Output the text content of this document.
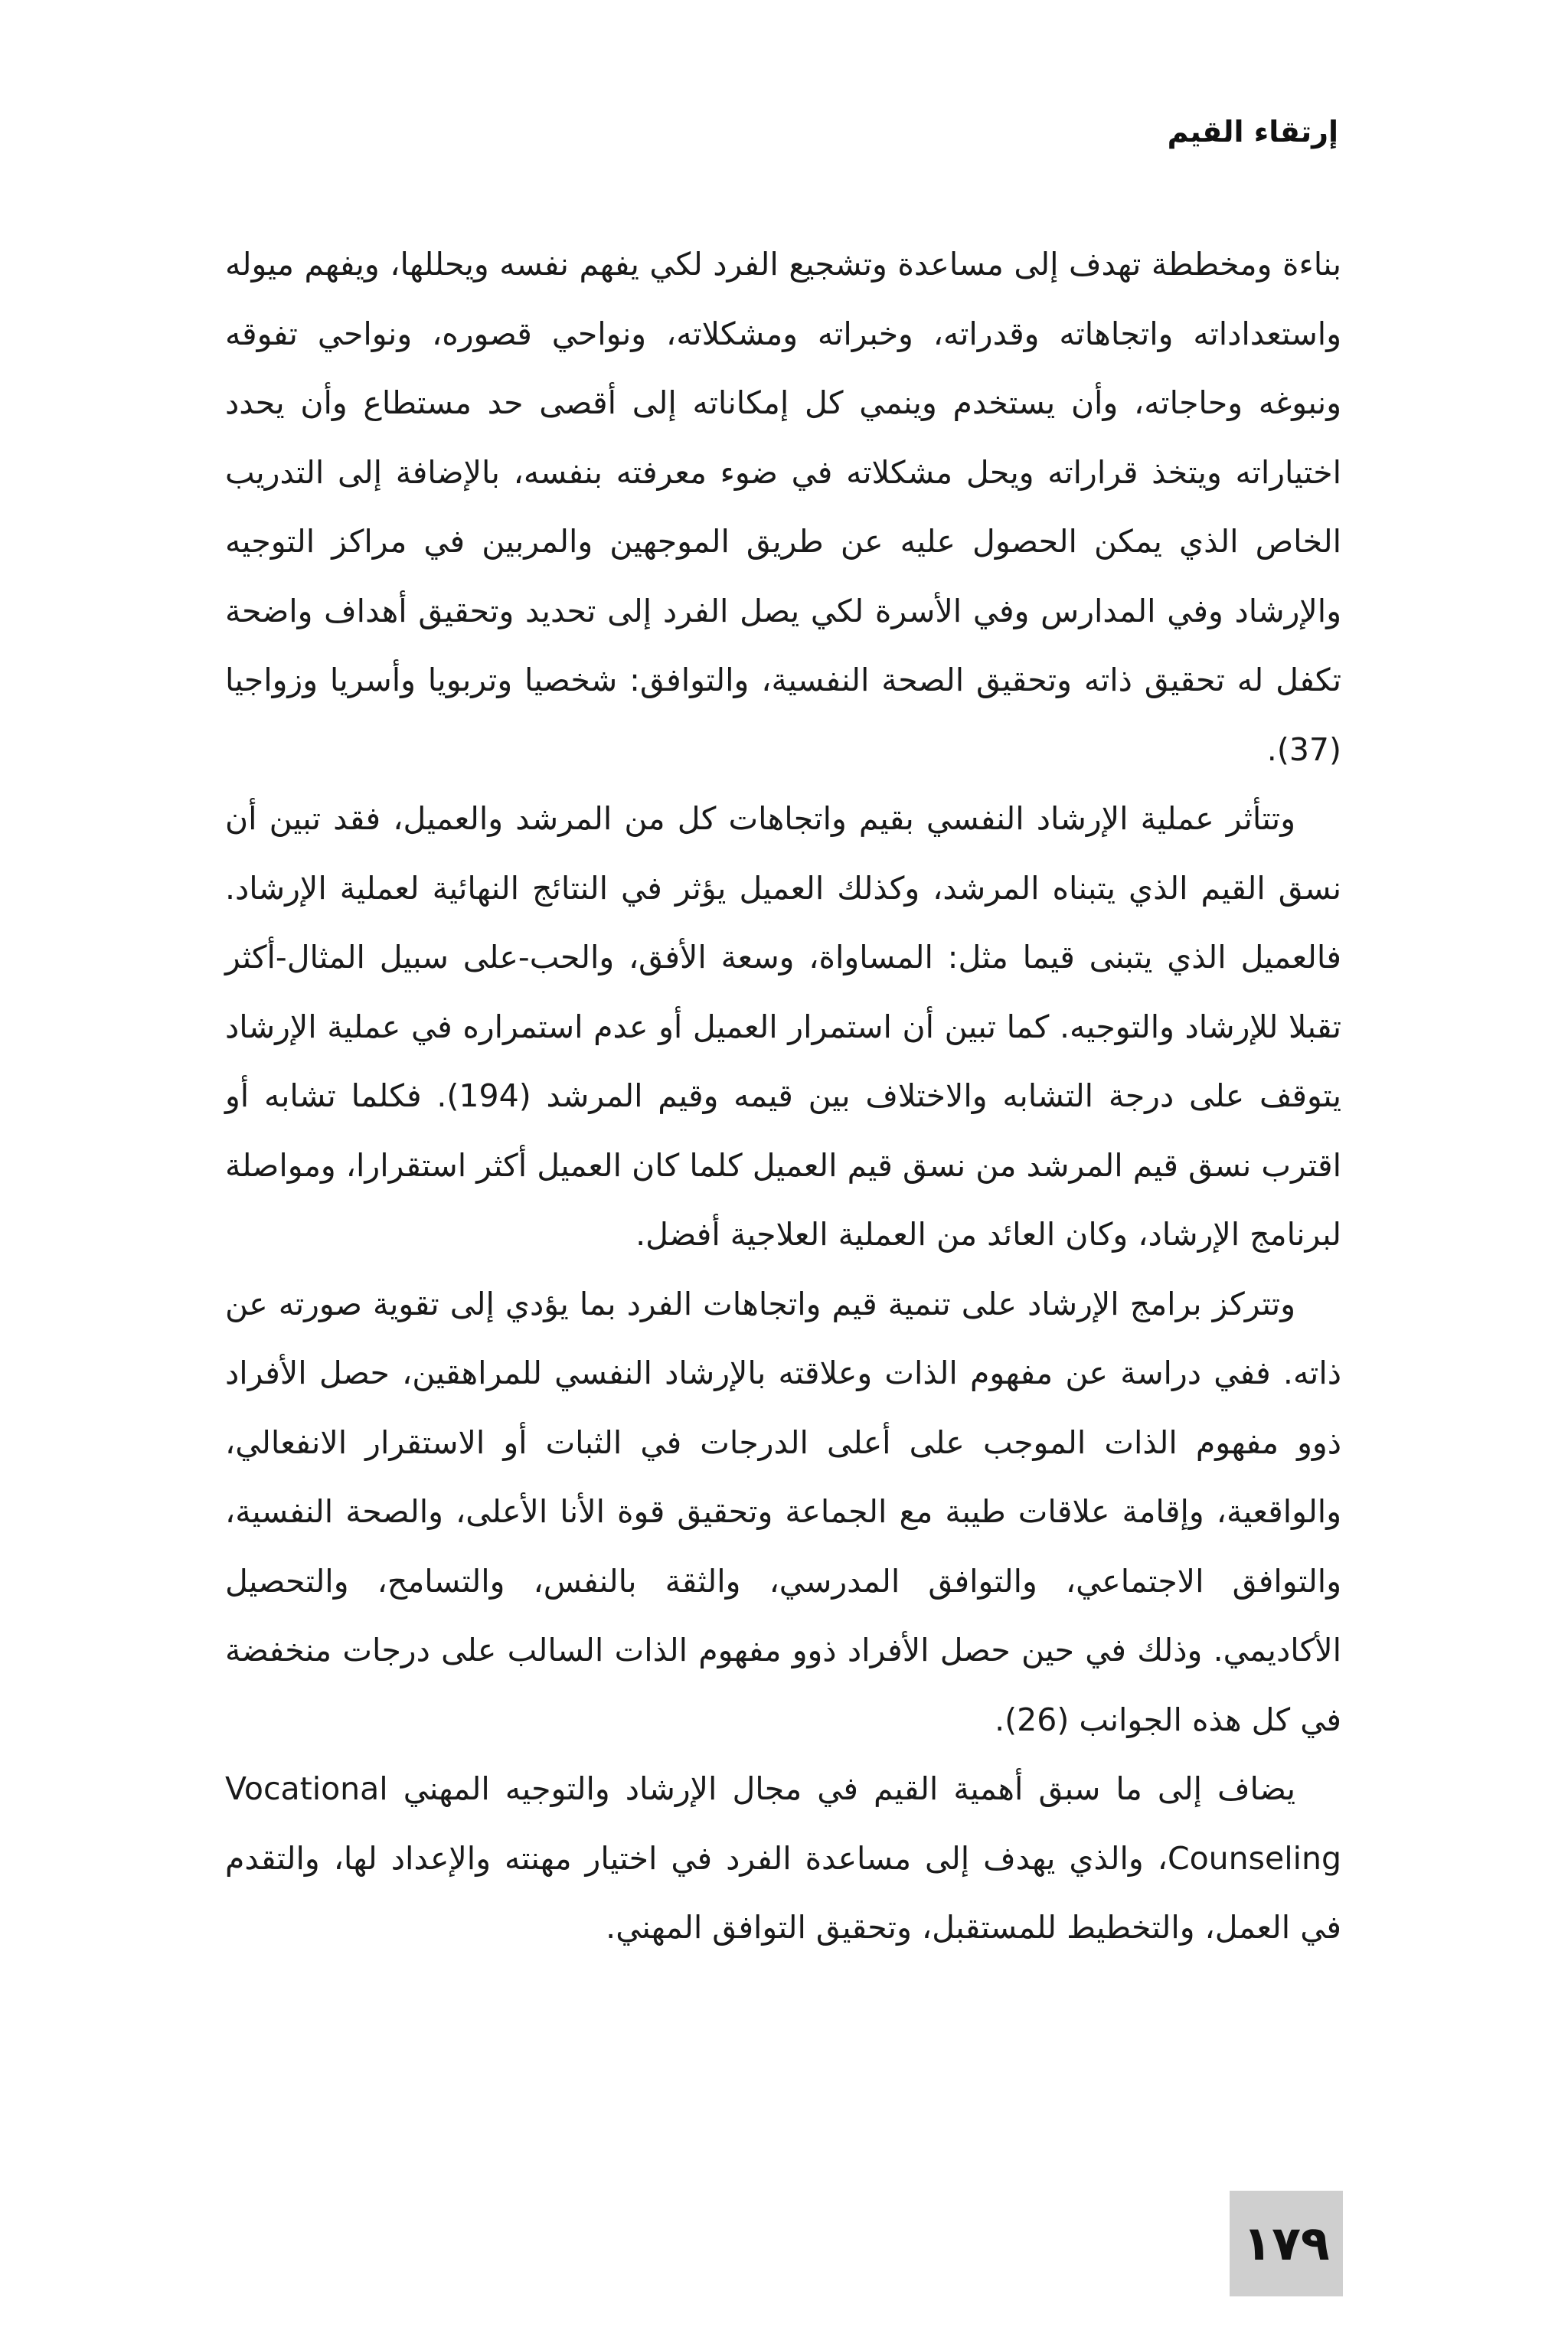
إرتقاء القيم

بناءة ومخططة تهدف إلى مساعدة وتشجيع الفرد لكي يفهم نفسه ويحللها، ويفهم ميوله واستعداداته واتجاهاته وقدراته، وخبراته ومشكلاته، ونواحي قصوره، ونواحي تفوقه ونبوغه وحاجاته، وأن يستخدم وينمي كل إمكاناته إلى أقصى حد مستطاع وأن يحدد اختياراته ويتخذ قراراته ويحل مشكلاته في ضوء معرفته بنفسه، بالإضافة إلى التدريب الخاص الذي يمكن الحصول عليه عن طريق الموجهين والمربين في مراكز التوجيه والإرشاد وفي المدارس وفي الأسرة لكي يصل الفرد إلى تحديد وتحقيق أهداف واضحة تكفل له تحقيق ذاته وتحقيق الصحة النفسية، والتوافق: شخصيا وتربويا وأسريا وزواجيا (37).

وتتأثر عملية الإرشاد النفسي بقيم واتجاهات كل من المرشد والعميل، فقد تبين أن نسق القيم الذي يتبناه المرشد، وكذلك العميل يؤثر في النتائج النهائية لعملية الإرشاد. فالعميل الذي يتبنى قيما مثل: المساواة، وسعة الأفق، والحب-على سبيل المثال-أكثر تقبلا للإرشاد والتوجيه. كما تبين أن استمرار العميل أو عدم استمراره في عملية الإرشاد يتوقف على درجة التشابه والاختلاف بين قيمه وقيم المرشد (194). فكلما تشابه أو اقترب نسق قيم المرشد من نسق قيم العميل كلما كان العميل أكثر استقرارا، ومواصلة لبرنامج الإرشاد، وكان العائد من العملية العلاجية أفضل.

وتتركز برامج الإرشاد على تنمية قيم واتجاهات الفرد بما يؤدي إلى تقوية صورته عن ذاته. ففي دراسة عن مفهوم الذات وعلاقته بالإرشاد النفسي للمراهقين، حصل الأفراد ذوو مفهوم الذات الموجب على أعلى الدرجات في الثبات أو الاستقرار الانفعالي، والواقعية، وإقامة علاقات طيبة مع الجماعة وتحقيق قوة الأنا الأعلى، والصحة النفسية، والتوافق الاجتماعي، والتوافق المدرسي، والثقة بالنفس، والتسامح، والتحصيل الأكاديمي. وذلك في حين حصل الأفراد ذوو مفهوم الذات السالب على درجات منخفضة في كل هذه الجوانب (26).

يضاف إلى ما سبق أهمية القيم في مجال الإرشاد والتوجيه المهني Vocational Counseling، والذي يهدف إلى مساعدة الفرد في اختيار مهنته والإعداد لها، والتقدم في العمل، والتخطيط للمستقبل، وتحقيق التوافق المهني.

١٧٩
